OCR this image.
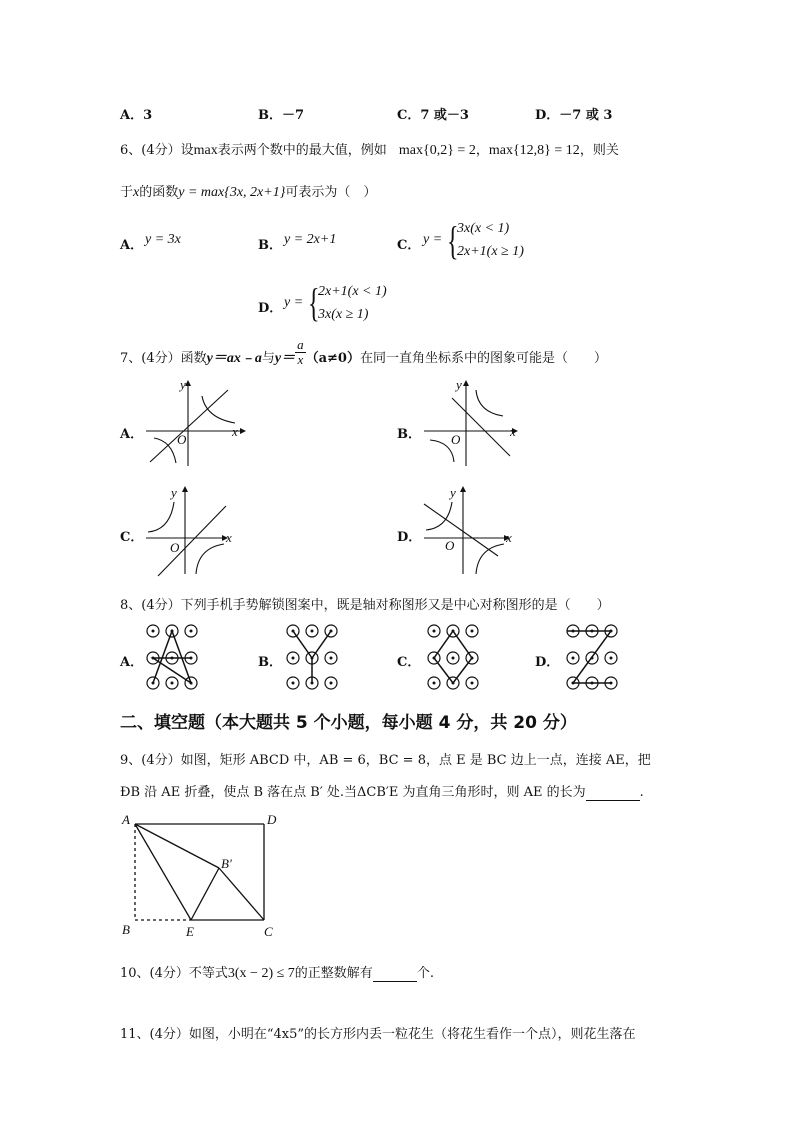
A．3	B．－7	C．7 或－3	D．－7 或 3
6、(4分）设max表示两个数中的最大值，例如 max{0,2} = 2，max{12,8} = 12，则关
于x的函数y = max{3x, 2x+1}可表示为（　）
A． y = 3x	B． y = 2x+1	C． y = {
3x(x < 1)
2x+1(x ≥ 1)
D． y = {
2x+1(x < 1)
3x(x ≥ 1)
7、(4分）函数y＝ax﹣a与$y= \frac{a}{x} (a\ne 0)$在同一直角坐标系中的图象可能是（　　）
A．	x
y
O	B．	x
y
O
C．	x
y
O
D．	x
y
O
8、(4分）下列手机手势解锁图案中，既是轴对称图形又是中心对称图形的是（　　）
A．	B．	C．	D．
二、填空题（本大题共 5 个小题，每小题 4 分，共 20 分）
9、(4分）如图，矩形 ABCD 中，AB = 6，BC = 8，点 E 是 BC 边上一点，连接 AE，把
ÐB 沿 AE 折叠，使点 B 落在点 B′ 处.当ΔCB′E 为直角三角形时，则 AE 的长为	.
A	D
B	E	C
B′
10、(4分）不等式3(x − 2) ≤ 7的正整数解有	个.
11、(4分）如图，小明在“4x5”的长方形内丢一粒花生（将花生看作一个点），则花生落在
